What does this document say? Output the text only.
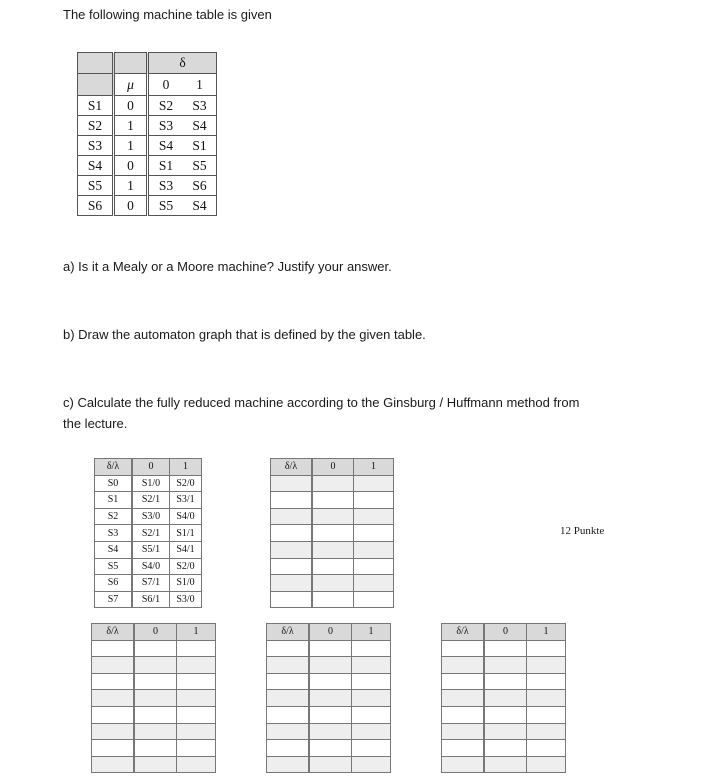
The following machine table is given
		δ	
	μ	0	1
S1	0	S2	S3
S2	1	S3	S4
S3	1	S4	S1
S4	0	S1	S5
S5	1	S3	S6
S6	0	S5	S4
a) Is it a Mealy or a Moore machine? Justify your answer.
b) Draw the automaton graph that is defined by the given table.
c) Calculate the fully reduced machine according to the Ginsburg / Huffmann method from
the lecture.
δ/λ	0	1
S0	S1/0	S2/0
S1	S2/1	S3/1
S2	S3/0	S4/0
S3	S2/1	S1/1
S4	S5/1	S4/1
S5	S4/0	S2/0
S6	S7/1	S1/0
S7	S6/1	S3/0
δ/λ	0	1

12 Punkte
δ/λ	0	1

			δ/λ	0	1

			δ/λ	0	1
